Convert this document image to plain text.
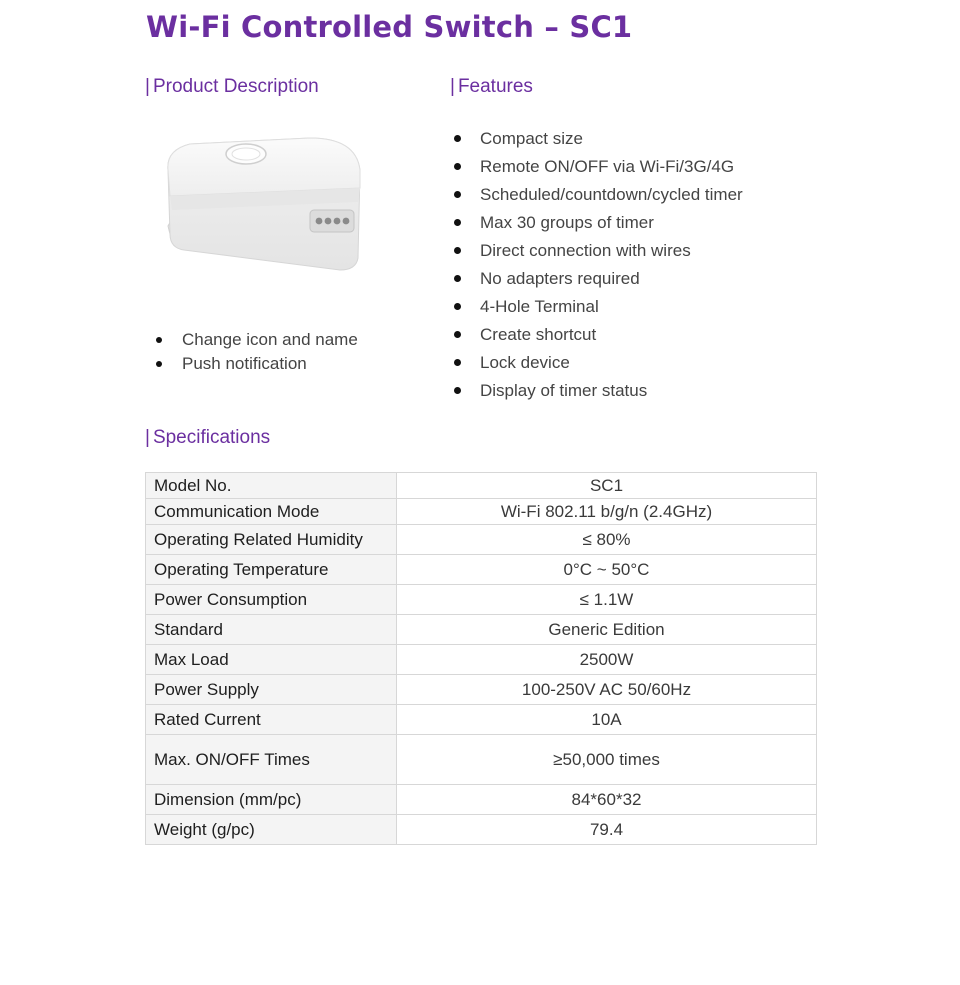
Wi-Fi Controlled Switch – SC1
| Product Description	| Features
Change icon and name
Push notification
Compact size
Remote ON/OFF via Wi-Fi/3G/4G
Scheduled/countdown/cycled timer
Max 30 groups of timer
Direct connection with wires
No adapters required
4-Hole Terminal
Create shortcut
Lock device
Display of timer status
| Specifications
Model No.	SC1
Communication Mode	Wi-Fi 802.11 b/g/n (2.4GHz)
Operating Related Humidity	≤ 80%
Operating Temperature	0°C ~ 50°C
Power Consumption	≤ 1.1W
Standard	Generic Edition
Max Load	2500W
Power Supply	100-250V AC 50/60Hz
Rated Current	10A
Max. ON/OFF Times	≥50,000 times
Dimension (mm/pc)	84*60*32
Weight (g/pc)	79.4
